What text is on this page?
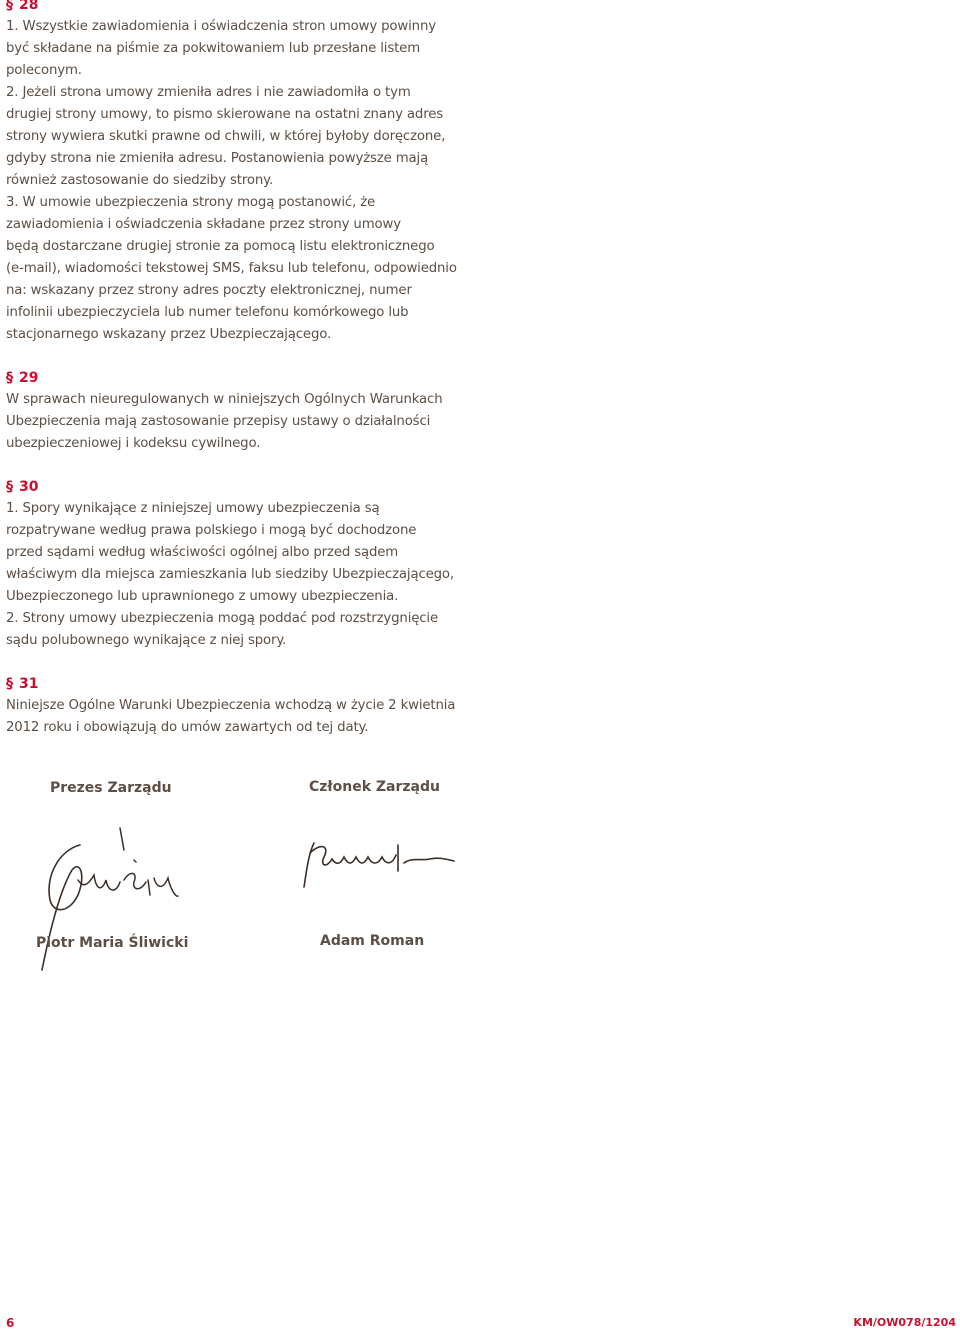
§ 28
1. Wszystkie zawiadomienia i oświadczenia stron umowy powinny
być składane na piśmie za pokwitowaniem lub przesłane listem
poleconym.
2. Jeżeli strona umowy zmieniła adres i nie zawiadomiła o tym
drugiej strony umowy, to pismo skierowane na ostatni znany adres
strony wywiera skutki prawne od chwili, w której byłoby doręczone,
gdyby strona nie zmieniła adresu. Postanowienia powyższe mają
również zastosowanie do siedziby strony.
3. W umowie ubezpieczenia strony mogą postanowić, że
zawiadomienia i oświadczenia składane przez strony umowy
będą dostarczane drugiej stronie za pomocą listu elektronicznego
(e-mail), wiadomości tekstowej SMS, faksu lub telefonu, odpowiednio
na: wskazany przez strony adres poczty elektronicznej, numer
infolinii ubezpieczyciela lub numer telefonu komórkowego lub
stacjonarnego wskazany przez Ubezpieczającego.
§ 29
W sprawach nieuregulowanych w niniejszych Ogólnych Warunkach
Ubezpieczenia mają zastosowanie przepisy ustawy o działalności
ubezpieczeniowej i kodeksu cywilnego.
§ 30
1. Spory wynikające z niniejszej umowy ubezpieczenia są
rozpatrywane według prawa polskiego i mogą być dochodzone
przed sądami według właściwości ogólnej albo przed sądem
właściwym dla miejsca zamieszkania lub siedziby Ubezpieczającego,
Ubezpieczonego lub uprawnionego z umowy ubezpieczenia.
2. Strony umowy ubezpieczenia mogą poddać pod rozstrzygnięcie
sądu polubownego wynikające z niej spory.
§ 31
Niniejsze Ogólne Warunki Ubezpieczenia wchodzą w życie 2 kwietnia
2012 roku i obowiązują do umów zawartych od tej daty.
Prezes Zarządu	Członek Zarządu
Piotr Maria Śliwicki	Adam Roman
6	KM/OW078/1204
